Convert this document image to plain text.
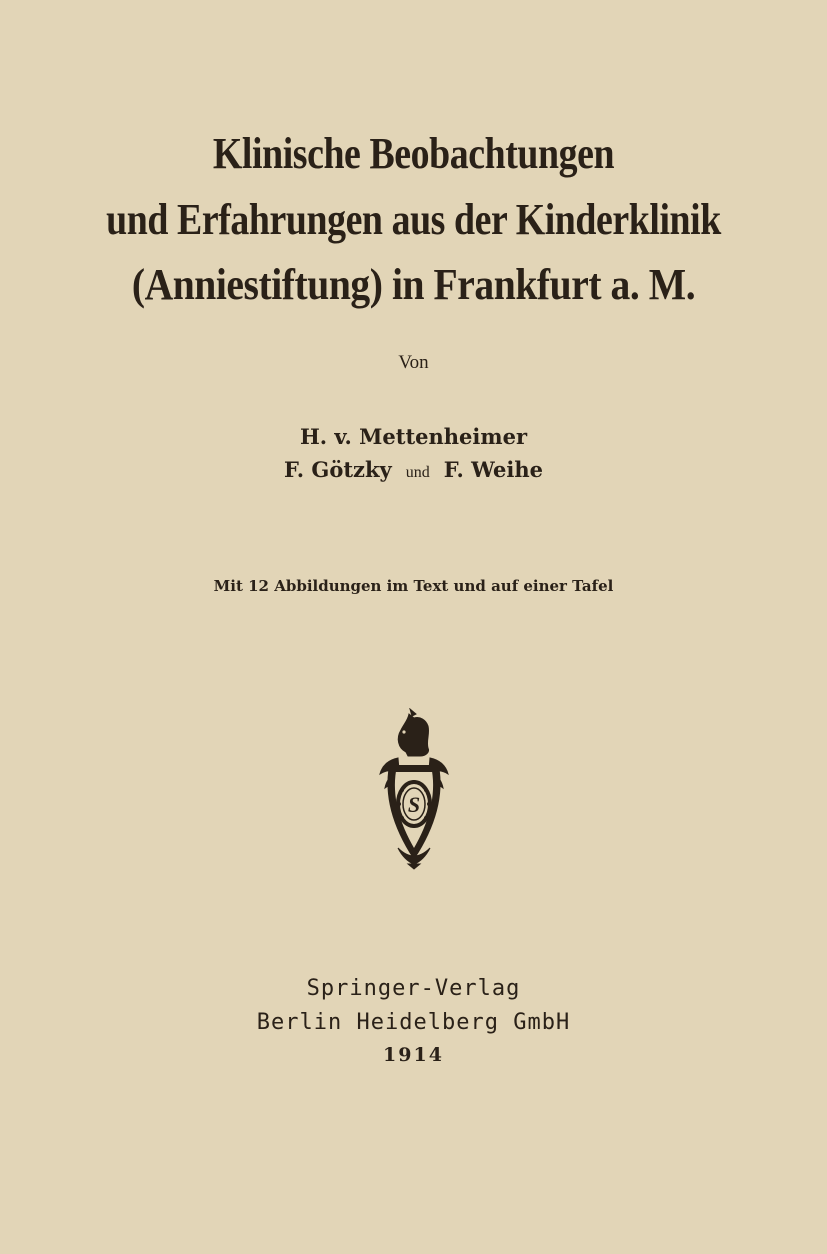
Klinische Beobachtungen
und Erfahrungen aus der Kinderklinik
(Anniestiftung) in Frankfurt a. M.
Von
H. v. Mettenheimer
F. Götzky und F. Weihe
Mit 12 Abbildungen im Text und auf einer Tafel
S
Springer-Verlag
Berlin Heidelberg GmbH
1914
